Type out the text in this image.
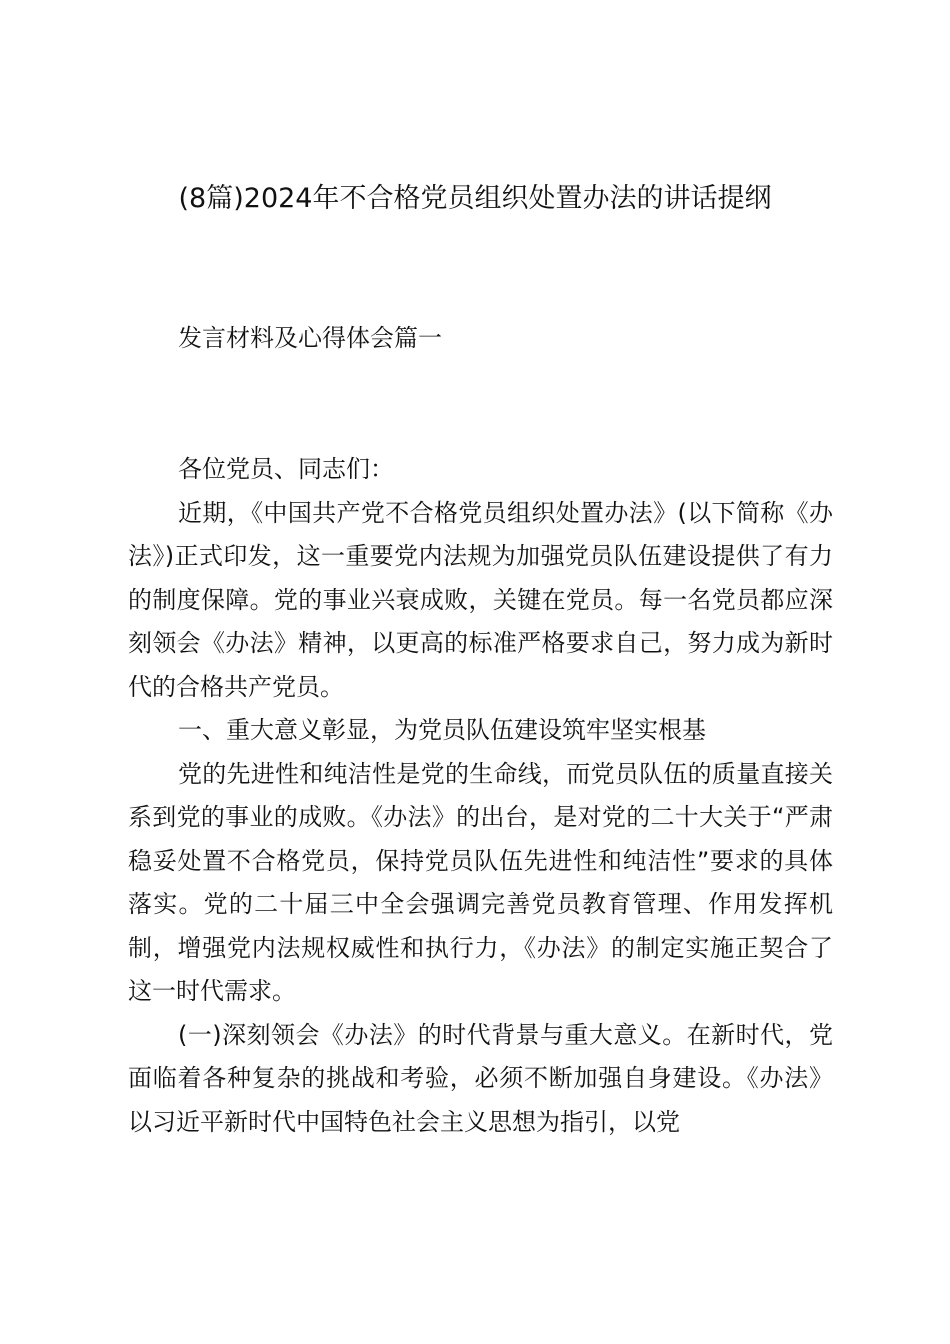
(8篇)2024年不合格党员组织处置办法的讲话提纲
发言材料及心得体会篇一

各位党员、同志们：

近期，《中国共产党不合格党员组织处置办法》(以下简称《办法》)正式印发，这一重要党内法规为加强党员队伍建设提供了有力的制度保障。党的事业兴衰成败，关键在党员。每一名党员都应深刻领会《办法》精神，以更高的标准严格要求自己，努力成为新时代的合格共产党员。

一、重大意义彰显，为党员队伍建设筑牢坚实根基

党的先进性和纯洁性是党的生命线，而党员队伍的质量直接关系到党的事业的成败。《办法》的出台，是对党的二十大关于“严肃稳妥处置不合格党员，保持党员队伍先进性和纯洁性”要求的具体落实。党的二十届三中全会强调完善党员教育管理、作用发挥机制，增强党内法规权威性和执行力，《办法》的制定实施正契合了这一时代需求。

(一)深刻领会《办法》的时代背景与重大意义。在新时代，党面临着各种复杂的挑战和考验，必须不断加强自身建设。《办法》以习近平新时代中国特色社会主义思想为指引，以党
